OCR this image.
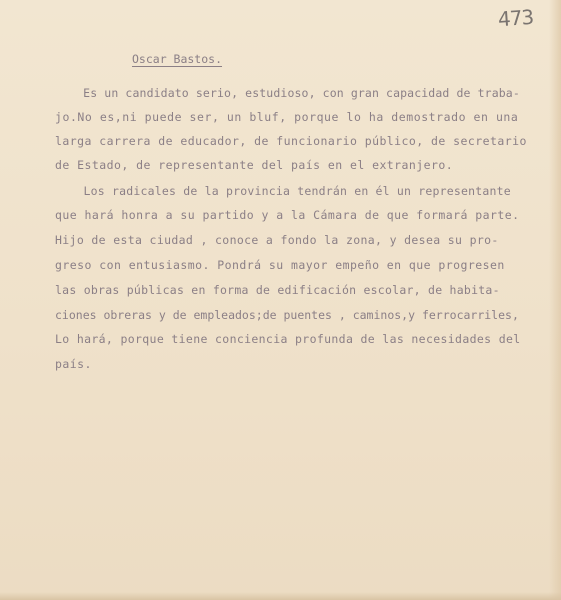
473
Oscar Bastos.
Es un candidato serio, estudioso, con gran capacidad de traba-
jo.No es,ni puede ser, un bluf, porque lo ha demostrado en una
larga carrera de educador, de funcionario público, de secretario
de Estado, de representante del país en el extranjero.
Los radicales de la provincia tendrán en él un representante
que hará honra a su partido y a la Cámara de que formará parte.
Hijo de esta ciudad , conoce a fondo la zona, y desea su pro-
greso con entusiasmo. Pondrá su mayor empeño en que progresen
las obras públicas en forma de edificación escolar, de habita-
ciones obreras y de empleados;de puentes , caminos,y ferrocarriles,
Lo hará, porque tiene conciencia profunda de las necesidades del
país.
